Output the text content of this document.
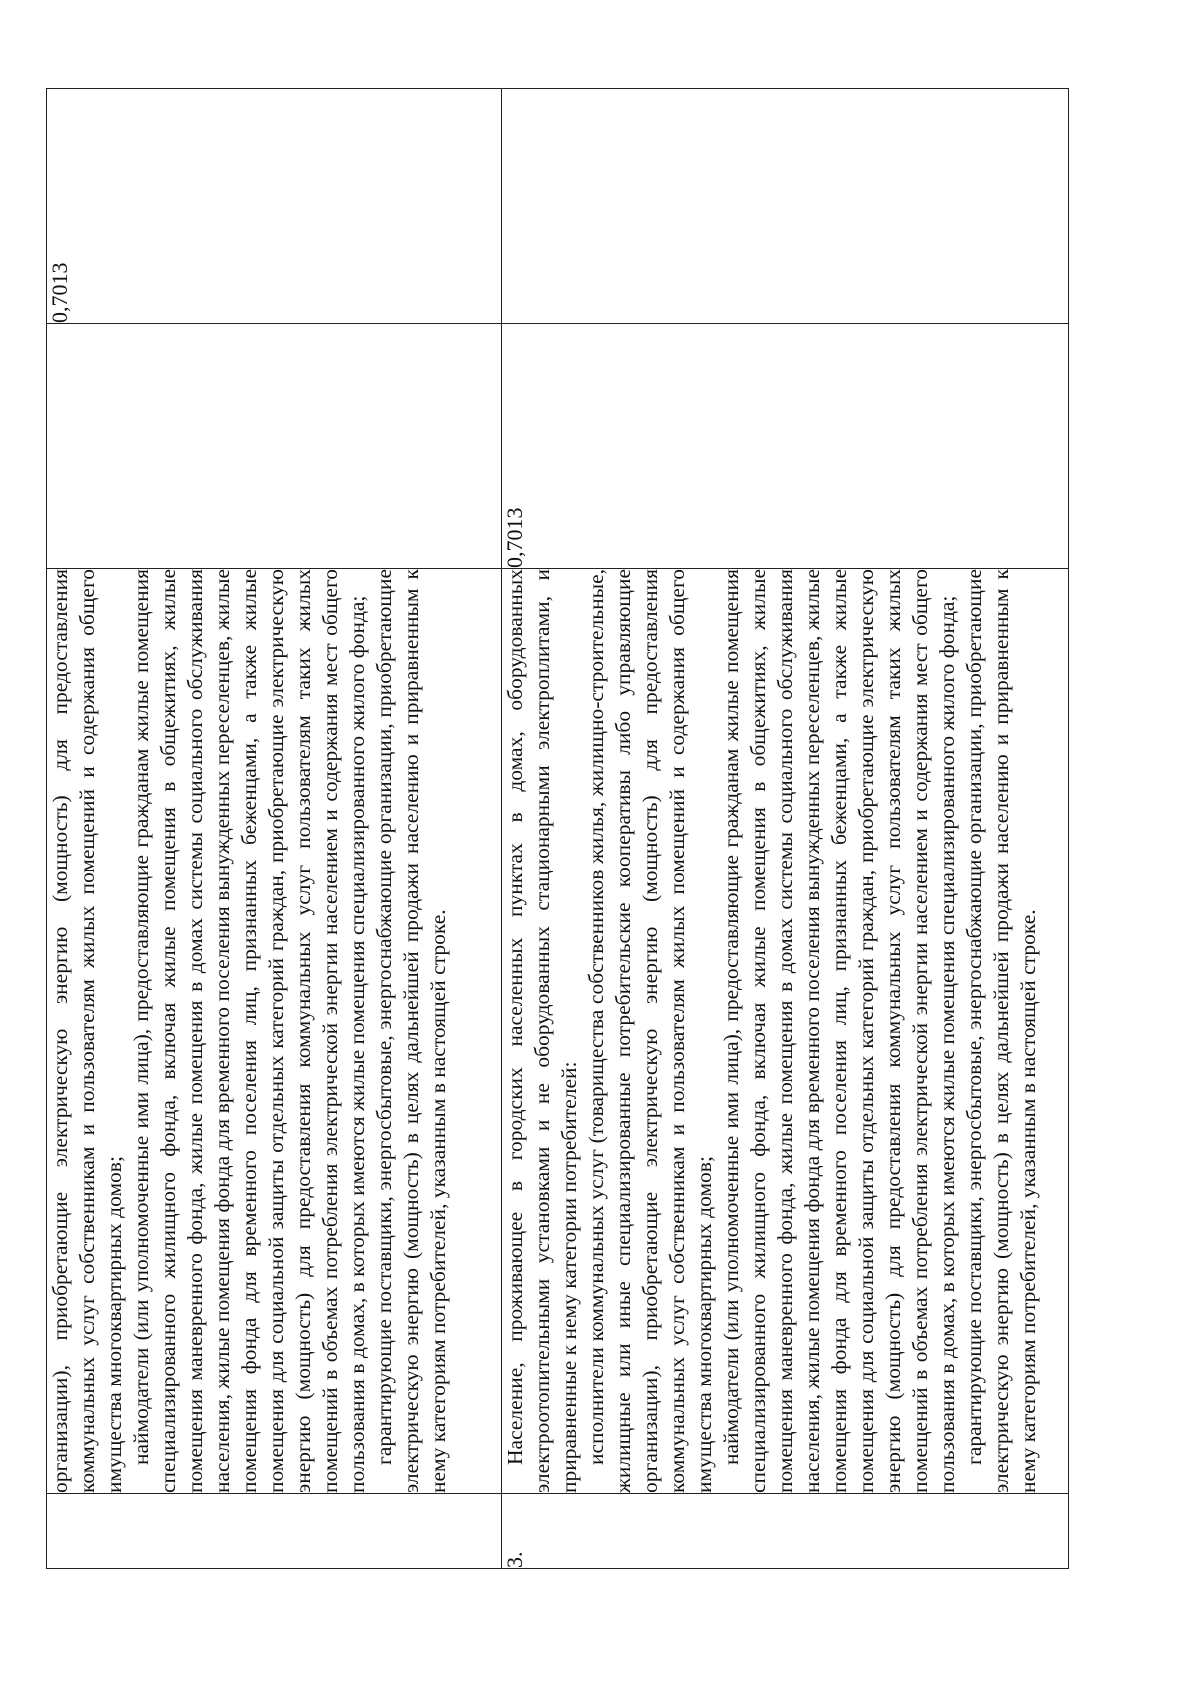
	организации), приобретающие электрическую энергию (мощность) для предоставления коммунальных услуг собственникам и пользователям жилых помещений и содержания общего имущества многоквартирных домов; наймодатели (или уполномоченные ими лица), предоставляющие гражданам жилые помещения специализированного жилищного фонда, включая жилые помещения в общежитиях, жилые помещения маневренного фонда, жилые помещения в домах системы социального обслуживания населения, жилые помещения фонда для временного поселения вынужденных переселенцев, жилые помещения фонда для временного поселения лиц, признанных беженцами, а также жилые помещения для социальной защиты отдельных категорий граждан, приобретающие электрическую энергию (мощность) для предоставления коммунальных услуг пользователям таких жилых помещений в объемах потребления электрической энергии населением и содержания мест общего пользования в домах, в которых имеются жилые помещения специализированного жилого фонда; гарантирующие поставщики, энергосбытовые, энергоснабжающие организации, приобретающие электрическую энергию (мощность) в целях дальнейшей продажи населению и приравненным к нему категориям потребителей, указанным в настоящей строке.		0,7013
3.	Население, проживающее в городских населенных пунктах в домах, оборудованных электроотопительными установками и не оборудованных стационарными электроплитами, и приравненные к нему категории потребителей: исполнители коммунальных услуг (товарищества собственников жилья, жилищно-строительные, жилищные или иные специализированные потребительские кооперативы либо управляющие организации), приобретающие электрическую энергию (мощность) для предоставления коммунальных услуг собственникам и пользователям жилых помещений и содержания общего имущества многоквартирных домов; наймодатели (или уполномоченные ими лица), предоставляющие гражданам жилые помещения специализированного жилищного фонда, включая жилые помещения в общежитиях, жилые помещения маневренного фонда, жилые помещения в домах системы социального обслуживания населения, жилые помещения фонда для временного поселения вынужденных переселенцев, жилые помещения фонда для временного поселения лиц, признанных беженцами, а также жилые помещения для социальной защиты отдельных категорий граждан, приобретающие электрическую энергию (мощность) для предоставления коммунальных услуг пользователям таких жилых помещений в объемах потребления электрической энергии населением и содержания мест общего пользования в домах, в которых имеются жилые помещения специализированного жилого фонда; гарантирующие поставщики, энергосбытовые, энергоснабжающие организации, приобретающие электрическую энергию (мощность) в целях дальнейшей продажи населению и приравненным к нему категориям потребителей, указанным в настоящей строке.	0,7013	
